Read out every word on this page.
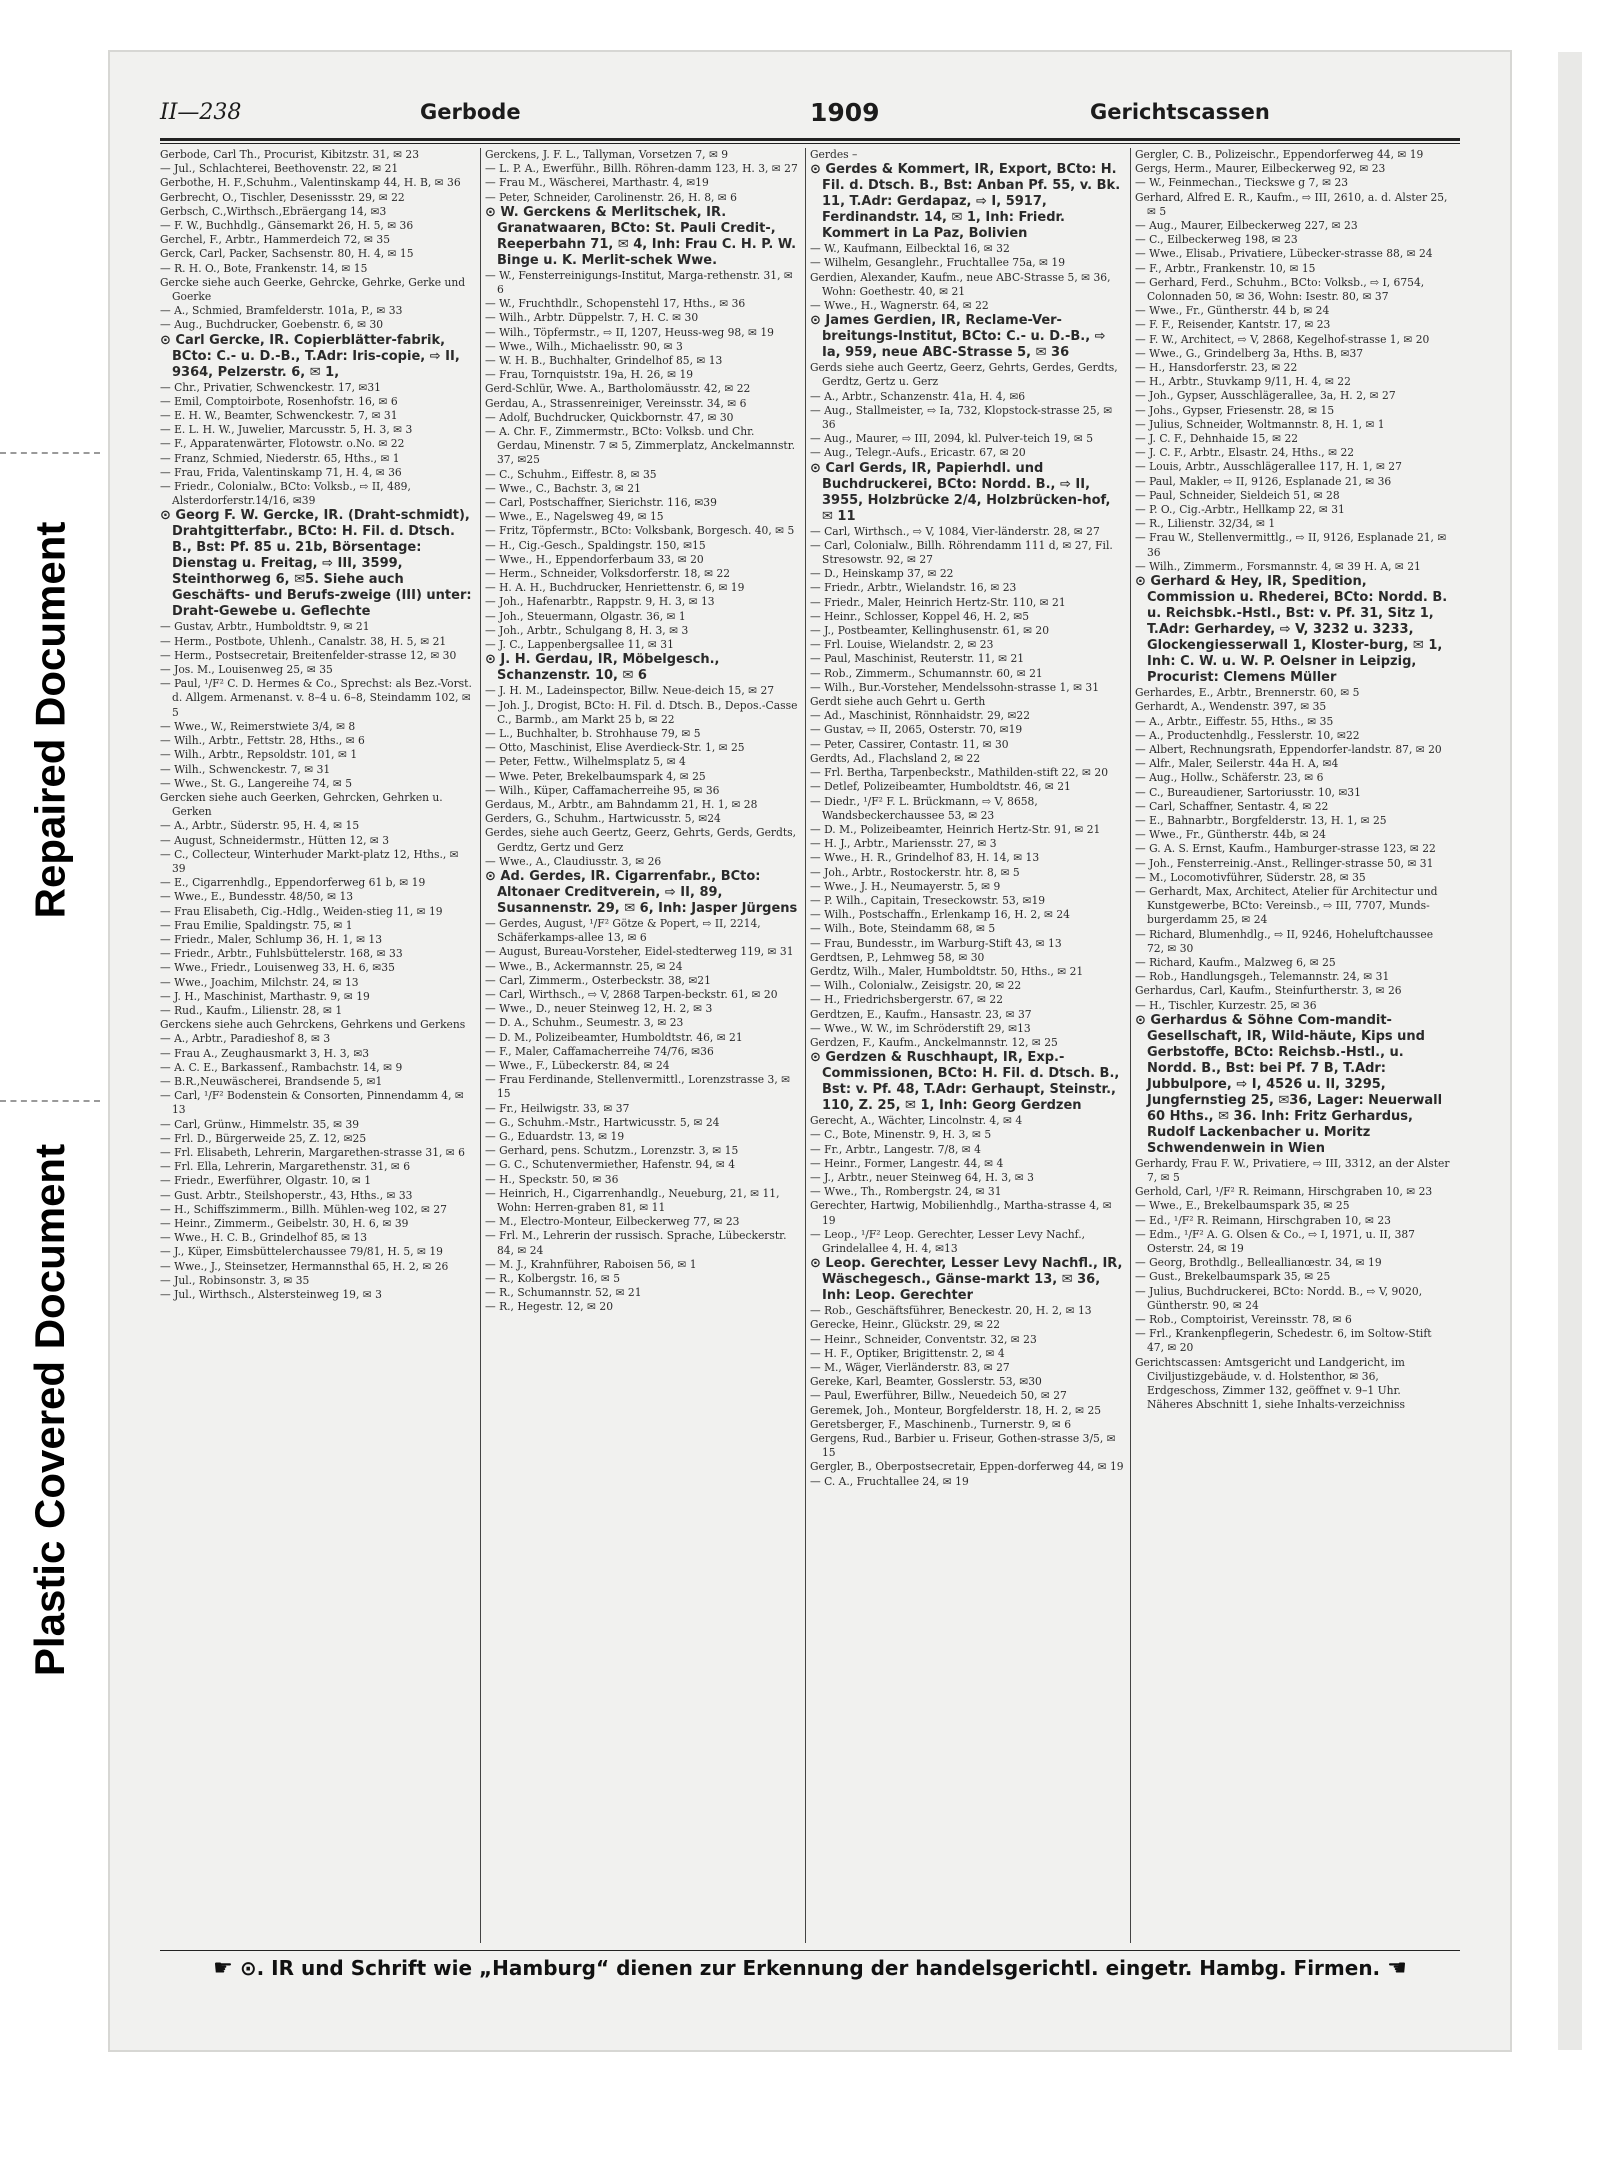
Repaired Document
Plastic Covered Document
II—238	Gerbode	1909	Gerichtscassen

Gerbode, Carl Th., Procurist, Kibitzstr. 31, ✉ 23

— Jul., Schlachterei, Beethovenstr. 22, ✉ 21

Gerbothe, H. F.,Schuhm., Valentinskamp 44, H. B, ✉ 36

Gerbrecht, O., Tischler, Desenissstr. 29, ✉ 22

Gerbsch, C.,Wirthsch.,Ebräergang 14, ✉3

— F. W., Buchhdlg., Gänsemarkt 26, H. 5, ✉ 36

Gerchel, F., Arbtr., Hammerdeich 72, ✉ 35

Gerck, Carl, Packer, Sachsenstr. 80, H. 4, ✉ 15

— R. H. O., Bote, Frankenstr. 14, ✉ 15

Gercke siehe auch Geerke, Gehrcke, Gehrke, Gerke und Goerke

— A., Schmied, Bramfelderstr. 101a, P., ✉ 33

— Aug., Buchdrucker, Goebenstr. 6, ✉ 30

⊙ Carl Gercke, IR. Copierblätter-fabrik, BCto: C.- u. D.-B., T.Adr: Iris-copie, ⇨ II, 9364, Pelzerstr. 6, ✉ 1,

— Chr., Privatier, Schwenckestr. 17, ✉31

— Emil, Comptoirbote, Rosenhofstr. 16, ✉ 6

— E. H. W., Beamter, Schwenckestr. 7, ✉ 31

— E. L. H. W., Juwelier, Marcusstr. 5, H. 3, ✉ 3

— F., Apparatenwärter, Flotowstr. o.No. ✉ 22

— Franz, Schmied, Niederstr. 65, Hths., ✉ 1

— Frau, Frida, Valentinskamp 71, H. 4, ✉ 36

— Friedr., Colonialw., BCto: Volksb., ⇨ II, 489, Alsterdorferstr.14/16, ✉39

⊙ Georg F. W. Gercke, IR. (Draht-schmidt), Drahtgitterfabr., BCto: H. Fil. d. Dtsch. B., Bst: Pf. 85 u. 21b, Börsentage: Dienstag u. Freitag, ⇨ III, 3599, Steinthorweg 6, ✉5. Siehe auch Geschäfts- und Berufs-zweige (III) unter: Draht-Gewebe u. Geflechte

— Gustav, Arbtr., Humboldtstr. 9, ✉ 21

— Herm., Postbote, Uhlenh., Canalstr. 38, H. 5, ✉ 21

— Herm., Postsecretair, Breitenfelder-strasse 12, ✉ 30

— Jos. M., Louisenweg 25, ✉ 35

— Paul, ¹/F² C. D. Hermes & Co., Sprechst: als Bez.-Vorst. d. Allgem. Armenanst. v. 8–4 u. 6–8, Steindamm 102, ✉5

— Wwe., W., Reimerstwiete 3/4, ✉ 8

— Wilh., Arbtr., Fettstr. 28, Hths., ✉ 6

— Wilh., Arbtr., Repsoldstr. 101, ✉ 1

— Wilh., Schwenckestr. 7, ✉ 31

— Wwe., St. G., Langereihe 74, ✉ 5

Gercken siehe auch Geerken, Gehrcken, Gehrken u. Gerken

— A., Arbtr., Süderstr. 95, H. 4, ✉ 15

— August, Schneidermstr., Hütten 12, ✉ 3

— C., Collecteur, Winterhuder Markt-platz 12, Hths., ✉ 39

— E., Cigarrenhdlg., Eppendorferweg 61 b, ✉ 19

— Wwe., E., Bundesstr. 48/50, ✉ 13

— Frau Elisabeth, Cig.-Hdlg., Weiden-stieg 11, ✉ 19

— Frau Emilie, Spaldingstr. 75, ✉ 1

— Friedr., Maler, Schlump 36, H. 1, ✉ 13

— Friedr., Arbtr., Fuhlsbüttelerstr. 168, ✉ 33

— Wwe., Friedr., Louisenweg 33, H. 6, ✉35

— Wwe., Joachim, Milchstr. 24, ✉ 13

— J. H., Maschinist, Marthastr. 9, ✉ 19

— Rud., Kaufm., Lilienstr. 28, ✉ 1

Gerckens siehe auch Gehrckens, Gehrkens und Gerkens

— A., Arbtr., Paradieshof 8, ✉ 3

— Frau A., Zeughausmarkt 3, H. 3, ✉3

— A. C. E., Barkassenf., Rambachstr. 14, ✉ 9

— B.R.,Neuwäscherei, Brandsende 5, ✉1

— Carl, ¹/F² Bodenstein & Consorten, Pinnendamm 4, ✉ 13

— Carl, Grünw., Himmelstr. 35, ✉ 39

— Frl. D., Bürgerweide 25, Z. 12, ✉25

— Frl. Elisabeth, Lehrerin, Margarethen-strasse 31, ✉ 6

— Frl. Ella, Lehrerin, Margarethenstr. 31, ✉ 6

— Friedr., Ewerführer, Olgastr. 10, ✉ 1

— Gust. Arbtr., Steilshoperstr., 43, Hths., ✉ 33

— H., Schiffszimmerm., Billh. Mühlen-weg 102, ✉ 27

— Heinr., Zimmerm., Geibelstr. 30, H. 6, ✉ 39

— Wwe., H. C. B., Grindelhof 85, ✉ 13

— J., Küper, Eimsbüttelerchaussee 79/81, H. 5, ✉ 19

— Wwe., J., Steinsetzer, Hermannsthal 65, H. 2, ✉ 26

— Jul., Robinsonstr. 3, ✉ 35

— Jul., Wirthsch., Alstersteinweg 19, ✉ 3

Gerckens, J. F. L., Tallyman, Vorsetzen 7, ✉ 9

— L. P. A., Ewerführ., Billh. Röhren-damm 123, H. 3, ✉ 27

— Frau M., Wäscherei, Marthastr. 4, ✉19

— Peter, Schneider, Carolinenstr. 26, H. 8, ✉ 6

⊙ W. Gerckens & Merlitschek, IR. Granatwaaren, BCto: St. Pauli Credit-, Reeperbahn 71, ✉ 4, Inh: Frau C. H. P. W. Binge u. K. Merlit-schek Wwe.

— W., Fensterreinigungs-Institut, Marga-rethenstr. 31, ✉ 6

— W., Fruchthdlr., Schopenstehl 17, Hths., ✉ 36

— Wilh., Arbtr. Düppelstr. 7, H. C. ✉ 30

— Wilh., Töpfermstr., ⇨ II, 1207, Heuss-weg 98, ✉ 19

— Wwe., Wilh., Michaelisstr. 90, ✉ 3

— W. H. B., Buchhalter, Grindelhof 85, ✉ 13

— Frau, Tornquiststr. 19a, H. 26, ✉ 19

Gerd-Schlür, Wwe. A., Bartholomäusstr. 42, ✉ 22

Gerdau, A., Strassenreiniger, Vereinsstr. 34, ✉ 6

— Adolf, Buchdrucker, Quickbornstr. 47, ✉ 30

— A. Chr. F., Zimmermstr., BCto: Volksb. und Chr. Gerdau, Minenstr. 7 ✉ 5, Zimmerplatz, Anckelmannstr. 37, ✉25

— C., Schuhm., Eiffestr. 8, ✉ 35

— Wwe., C., Bachstr. 3, ✉ 21

— Carl, Postschaffner, Sierichstr. 116, ✉39

— Wwe., E., Nagelsweg 49, ✉ 15

— Fritz, Töpfermstr., BCto: Volksbank, Borgesch. 40, ✉ 5

— H., Cig.-Gesch., Spaldingstr. 150, ✉15

— Wwe., H., Eppendorferbaum 33, ✉ 20

— Herm., Schneider, Volksdorferstr. 18, ✉ 22

— H. A. H., Buchdrucker, Henriettenstr. 6, ✉ 19

— Joh., Hafenarbtr., Rappstr. 9, H. 3, ✉ 13

— Joh., Steuermann, Olgastr. 36, ✉ 1

— Joh., Arbtr., Schulgang 8, H. 3, ✉ 3

— J. C., Lappenbergsallee 11, ✉ 31

⊙ J. H. Gerdau, IR, Möbelgesch., Schanzenstr. 10, ✉ 6

— J. H. M., Ladeinspector, Billw. Neue-deich 15, ✉ 27

— Joh. J., Drogist, BCto: H. Fil. d. Dtsch. B., Depos.-Casse C., Barmb., am Markt 25 b, ✉ 22

— L., Buchhalter, b. Strohhause 79, ✉ 5

— Otto, Maschinist, Elise Averdieck-Str. 1, ✉ 25

— Peter, Fettw., Wilhelmsplatz 5, ✉ 4

— Wwe. Peter, Brekelbaumspark 4, ✉ 25

— Wilh., Küper, Caffamacherreihe 95, ✉ 36

Gerdaus, M., Arbtr., am Bahndamm 21, H. 1, ✉ 28

Gerders, G., Schuhm., Hartwicusstr. 5, ✉24

Gerdes, siehe auch Geertz, Geerz, Gehrts, Gerds, Gerdts, Gerdtz, Gertz und Gerz

— Wwe., A., Claudiusstr. 3, ✉ 26

⊙ Ad. Gerdes, IR. Cigarrenfabr., BCto: Altonaer Creditverein, ⇨ II, 89, Susannenstr. 29, ✉ 6, Inh: Jasper Jürgens

— Gerdes, August, ¹/F² Götze & Popert, ⇨ II, 2214, Schäferkamps-allee 13, ✉ 6

— August, Bureau-Vorsteher, Eidel-stedterweg 119, ✉ 31

— Wwe., B., Ackermannstr. 25, ✉ 24

— Carl, Zimmerm., Osterbeckstr. 38, ✉21

— Carl, Wirthsch., ⇨ V, 2868 Tarpen-beckstr. 61, ✉ 20

— Wwe., D., neuer Steinweg 12, H. 2, ✉ 3

— D. A., Schuhm., Seumestr. 3, ✉ 23

— D. M., Polizeibeamter, Humboldtstr. 46, ✉ 21

— F., Maler, Caffamacherreihe 74/76, ✉36

— Wwe., F., Lübeckerstr. 84, ✉ 24

— Frau Ferdinande, Stellenvermittl., Lorenzstrasse 3, ✉ 15

— Fr., Heilwigstr. 33, ✉ 37

— G., Schuhm.-Mstr., Hartwicusstr. 5, ✉ 24

— G., Eduardstr. 13, ✉ 19

— Gerhard, pens. Schutzm., Lorenzstr. 3, ✉ 15

— G. C., Schutenvermiether, Hafenstr. 94, ✉ 4

— H., Speckstr. 50, ✉ 36

— Heinrich, H., Cigarrenhandlg., Neueburg, 21, ✉ 11, Wohn: Herren-graben 81, ✉ 11

— M., Electro-Monteur, Eilbeckerweg 77, ✉ 23

— Frl. M., Lehrerin der russisch. Sprache, Lübeckerstr. 84, ✉ 24

— M. J., Krahnführer, Raboisen 56, ✉ 1

— R., Kolbergstr. 16, ✉ 5

— R., Schumannstr. 52, ✉ 21

— R., Hegestr. 12, ✉ 20

Gerdes –

⊙ Gerdes & Kommert, IR, Export, BCto: H. Fil. d. Dtsch. B., Bst: Anban Pf. 55, v. Bk. 11, T.Adr: Gerdapaz, ⇨ I, 5917, Ferdinandstr. 14, ✉ 1, Inh: Friedr. Kommert in La Paz, Bolivien

— W., Kaufmann, Eilbecktal 16, ✉ 32

— Wilhelm, Gesanglehr., Fruchtallee 75a, ✉ 19

Gerdien, Alexander, Kaufm., neue ABC-Strasse 5, ✉ 36, Wohn: Goethestr. 40, ✉ 21

— Wwe., H., Wagnerstr. 64, ✉ 22

⊙ James Gerdien, IR, Reclame-Ver-breitungs-Institut, BCto: C.- u. D.-B., ⇨ Ia, 959, neue ABC-Strasse 5, ✉ 36

Gerds siehe auch Geertz, Geerz, Gehrts, Gerdes, Gerdts, Gerdtz, Gertz u. Gerz

— A., Arbtr., Schanzenstr. 41a, H. 4, ✉6

— Aug., Stallmeister, ⇨ Ia, 732, Klopstock-strasse 25, ✉ 36

— Aug., Maurer, ⇨ III, 2094, kl. Pulver-teich 19, ✉ 5

— Aug., Telegr.-Aufs., Ericastr. 67, ✉ 20

⊙ Carl Gerds, IR, Papierhdl. und Buchdruckerei, BCto: Nordd. B., ⇨ II, 3955, Holzbrücke 2/4, Holzbrücken-hof, ✉ 11

— Carl, Wirthsch., ⇨ V, 1084, Vier-länderstr. 28, ✉ 27

— Carl, Colonialw., Billh. Röhrendamm 111 d, ✉ 27, Fil. Stresowstr. 92, ✉ 27

— D., Heinskamp 37, ✉ 22

— Friedr., Arbtr., Wielandstr. 16, ✉ 23

— Friedr., Maler, Heinrich Hertz-Str. 110, ✉ 21

— Heinr., Schlosser, Koppel 46, H. 2, ✉5

— J., Postbeamter, Kellinghusenstr. 61, ✉ 20

— Frl. Louise, Wielandstr. 2, ✉ 23

— Paul, Maschinist, Reuterstr. 11, ✉ 21

— Rob., Zimmerm., Schumannstr. 60, ✉ 21

— Wilh., Bur.-Vorsteher, Mendelssohn-strasse 1, ✉ 31

Gerdt siehe auch Gehrt u. Gerth

— Ad., Maschinist, Rönnhaidstr. 29, ✉22

— Gustav, ⇨ II, 2065, Osterstr. 70, ✉19

— Peter, Cassirer, Contastr. 11, ✉ 30

Gerdts, Ad., Flachsland 2, ✉ 22

— Frl. Bertha, Tarpenbeckstr., Mathilden-stift 22, ✉ 20

— Detlef, Polizeibeamter, Humboldtstr. 46, ✉ 21

— Diedr., ¹/F² F. L. Brückmann, ⇨ V, 8658, Wandsbeckerchaussee 53, ✉ 23

— D. M., Polizeibeamter, Heinrich Hertz-Str. 91, ✉ 21

— H. J., Arbtr., Mariensstr. 27, ✉ 3

— Wwe., H. R., Grindelhof 83, H. 14, ✉ 13

— Joh., Arbtr., Rostockerstr. htr. 8, ✉ 5

— Wwe., J. H., Neumayerstr. 5, ✉ 9

— P. Wilh., Capitain, Treseckowstr. 53, ✉19

— Wilh., Postschaffn., Erlenkamp 16, H. 2, ✉ 24

— Wilh., Bote, Steindamm 68, ✉ 5

— Frau, Bundesstr., im Warburg-Stift 43, ✉ 13

Gerdtsen, P., Lehmweg 58, ✉ 30

Gerdtz, Wilh., Maler, Humboldtstr. 50, Hths., ✉ 21

— Wilh., Colonialw., Zeisigstr. 20, ✉ 22

— H., Friedrichsbergerstr. 67, ✉ 22

Gerdtzen, E., Kaufm., Hansastr. 23, ✉ 37

— Wwe., W. W., im Schröderstift 29, ✉13

Gerdzen, F., Kaufm., Anckelmannstr. 12, ✉ 25

⊙ Gerdzen & Ruschhaupt, IR, Exp.-Commissionen, BCto: H. Fil. d. Dtsch. B., Bst: v. Pf. 48, T.Adr: Gerhaupt, Steinstr., 110, Z. 25, ✉ 1, Inh: Georg Gerdzen

Gerecht, A., Wächter, Lincolnstr. 4, ✉ 4

— C., Bote, Minenstr. 9, H. 3, ✉ 5

— Fr., Arbtr., Langestr. 7/8, ✉ 4

— Heinr., Former, Langestr. 44, ✉ 4

— J., Arbtr., neuer Steinweg 64, H. 3, ✉ 3

— Wwe., Th., Rombergstr. 24, ✉ 31

Gerechter, Hartwig, Mobilienhdlg., Martha-strasse 4, ✉ 19

— Leop., ¹/F² Leop. Gerechter, Lesser Levy Nachf., Grindelallee 4, H. 4, ✉13

⊙ Leop. Gerechter, Lesser Levy Nachfl., IR, Wäschegesch., Gänse-markt 13, ✉ 36, Inh: Leop. Gerechter

— Rob., Geschäftsführer, Beneckestr. 20, H. 2, ✉ 13

Gerecke, Heinr., Glückstr. 29, ✉ 22

— Heinr., Schneider, Conventstr. 32, ✉ 23

— H. F., Optiker, Brigittenstr. 2, ✉ 4

— M., Wäger, Vierländerstr. 83, ✉ 27

Gereke, Karl, Beamter, Gosslerstr. 53, ✉30

— Paul, Ewerführer, Billw., Neuedeich 50, ✉ 27

Geremek, Joh., Monteur, Borgfelderstr. 18, H. 2, ✉ 25

Geretsberger, F., Maschinenb., Turnerstr. 9, ✉ 6

Gergens, Rud., Barbier u. Friseur, Gothen-strasse 3/5, ✉ 15

Gergler, B., Oberpostsecretair, Eppen-dorferweg 44, ✉ 19

— C. A., Fruchtallee 24, ✉ 19

Gergler, C. B., Polizeischr., Eppendorferweg 44, ✉ 19

Gergs, Herm., Maurer, Eilbeckerweg 92, ✉ 23

— W., Feinmechan., Tieckswe g 7, ✉ 23

Gerhard, Alfred E. R., Kaufm., ⇨ III, 2610, a. d. Alster 25, ✉ 5

— Aug., Maurer, Eilbeckerweg 227, ✉ 23

— C., Eilbeckerweg 198, ✉ 23

— Wwe., Elisab., Privatiere, Lübecker-strasse 88, ✉ 24

— F., Arbtr., Frankenstr. 10, ✉ 15

— Gerhard, Ferd., Schuhm., BCto: Volksb., ⇨ I, 6754, Colonnaden 50, ✉ 36, Wohn: Isestr. 80, ✉ 37

— Wwe., Fr., Güntherstr. 44 b, ✉ 24

— F. F., Reisender, Kantstr. 17, ✉ 23

— F. W., Architect, ⇨ V, 2868, Kegelhof-strasse 1, ✉ 20

— Wwe., G., Grindelberg 3a, Hths. B, ✉37

— H., Hansdorferstr. 23, ✉ 22

— H., Arbtr., Stuvkamp 9/11, H. 4, ✉ 22

— Joh., Gypser, Ausschlägerallee, 3a, H. 2, ✉ 27

— Johs., Gypser, Friesenstr. 28, ✉ 15

— Julius, Schneider, Woltmannstr. 8, H. 1, ✉ 1

— J. C. F., Dehnhaide 15, ✉ 22

— J. C. F., Arbtr., Elsastr. 24, Hths., ✉ 22

— Louis, Arbtr., Ausschlägerallee 117, H. 1, ✉ 27

— Paul, Makler, ⇨ II, 9126, Esplanade 21, ✉ 36

— Paul, Schneider, Sieldeich 51, ✉ 28

— P. O., Cig.-Arbtr., Hellkamp 22, ✉ 31

— R., Lilienstr. 32/34, ✉ 1

— Frau W., Stellenvermittlg., ⇨ II, 9126, Esplanade 21, ✉ 36

— Wilh., Zimmerm., Forsmannstr. 4, ✉ 39 H. A, ✉ 21

⊙ Gerhard & Hey, IR, Spedition, Commission u. Rhederei, BCto: Nordd. B. u. Reichsbk.-Hstl., Bst: v. Pf. 31, Sitz 1, T.Adr: Gerhardey, ⇨ V, 3232 u. 3233, Glockengiesserwall 1, Kloster-burg, ✉ 1, Inh: C. W. u. W. P. Oelsner in Leipzig, Procurist: Clemens Müller

Gerhardes, E., Arbtr., Brennerstr. 60, ✉ 5

Gerhardt, A., Wendenstr. 397, ✉ 35

— A., Arbtr., Eiffestr. 55, Hths., ✉ 35

— A., Productenhdlg., Fesslerstr. 10, ✉22

— Albert, Rechnungsrath, Eppendorfer-landstr. 87, ✉ 20

— Alfr., Maler, Seilerstr. 44a H. A, ✉4

— Aug., Hollw., Schäferstr. 23, ✉ 6

— C., Bureaudiener, Sartoriusstr. 10, ✉31

— Carl, Schaffner, Sentastr. 4, ✉ 22

— E., Bahnarbtr., Borgfelderstr. 13, H. 1, ✉ 25

— Wwe., Fr., Güntherstr. 44b, ✉ 24

— G. A. S. Ernst, Kaufm., Hamburger-strasse 123, ✉ 22

— Joh., Fensterreinig.-Anst., Rellinger-strasse 50, ✉ 31

— M., Locomotivführer, Süderstr. 28, ✉ 35

— Gerhardt, Max, Architect, Atelier für Architectur und Kunstgewerbe, BCto: Vereinsb., ⇨ III, 7707, Munds-burgerdamm 25, ✉ 24

— Richard, Blumenhdlg., ⇨ II, 9246, Hoheluftchaussee 72, ✉ 30

— Richard, Kaufm., Malzweg 6, ✉ 25

— Rob., Handlungsgeh., Telemannstr. 24, ✉ 31

Gerhardus, Carl, Kaufm., Steinfurtherstr. 3, ✉ 26

— H., Tischler, Kurzestr. 25, ✉ 36

⊙ Gerhardus & Söhne Com-mandit-Gesellschaft, IR, Wild-häute, Kips und Gerbstoffe, BCto: Reichsb.-Hstl., u. Nordd. B., Bst: bei Pf. 7 B, T.Adr: Jubbulpore, ⇨ I, 4526 u. II, 3295, Jungfernstieg 25, ✉36, Lager: Neuerwall 60 Hths., ✉ 36. Inh: Fritz Gerhardus, Rudolf Lackenbacher u. Moritz Schwendenwein in Wien

Gerhardy, Frau F. W., Privatiere, ⇨ III, 3312, an der Alster 7, ✉ 5

Gerhold, Carl, ¹/F² R. Reimann, Hirschgraben 10, ✉ 23

— Wwe., E., Brekelbaumspark 35, ✉ 25

— Ed., ¹/F² R. Reimann, Hirschgraben 10, ✉ 23

— Edm., ¹/F² A. G. Olsen & Co., ⇨ I, 1971, u. II, 387 Osterstr. 24, ✉ 19

— Georg, Brothdlg., Belleallianœstr. 34, ✉ 19

— Gust., Brekelbaumspark 35, ✉ 25

— Julius, Buchdruckerei, BCto: Nordd. B., ⇨ V, 9020, Güntherstr. 90, ✉ 24

— Rob., Comptoirist, Vereinsstr. 78, ✉ 6

— Frl., Krankenpflegerin, Schedestr. 6, im Soltow-Stift 47, ✉ 20

Gerichtscassen: Amtsgericht und Landgericht, im Civiljustizgebäude, v. d. Holstenthor, ✉ 36, Erdgeschoss, Zimmer 132, geöffnet v. 9–1 Uhr. Näheres Abschnitt 1, siehe Inhalts-verzeichniss

☛ ⊙. IR und Schrift wie „Hamburg“ dienen zur Erkennung der handelsgerichtl. eingetr. Hambg. Firmen. ☚
